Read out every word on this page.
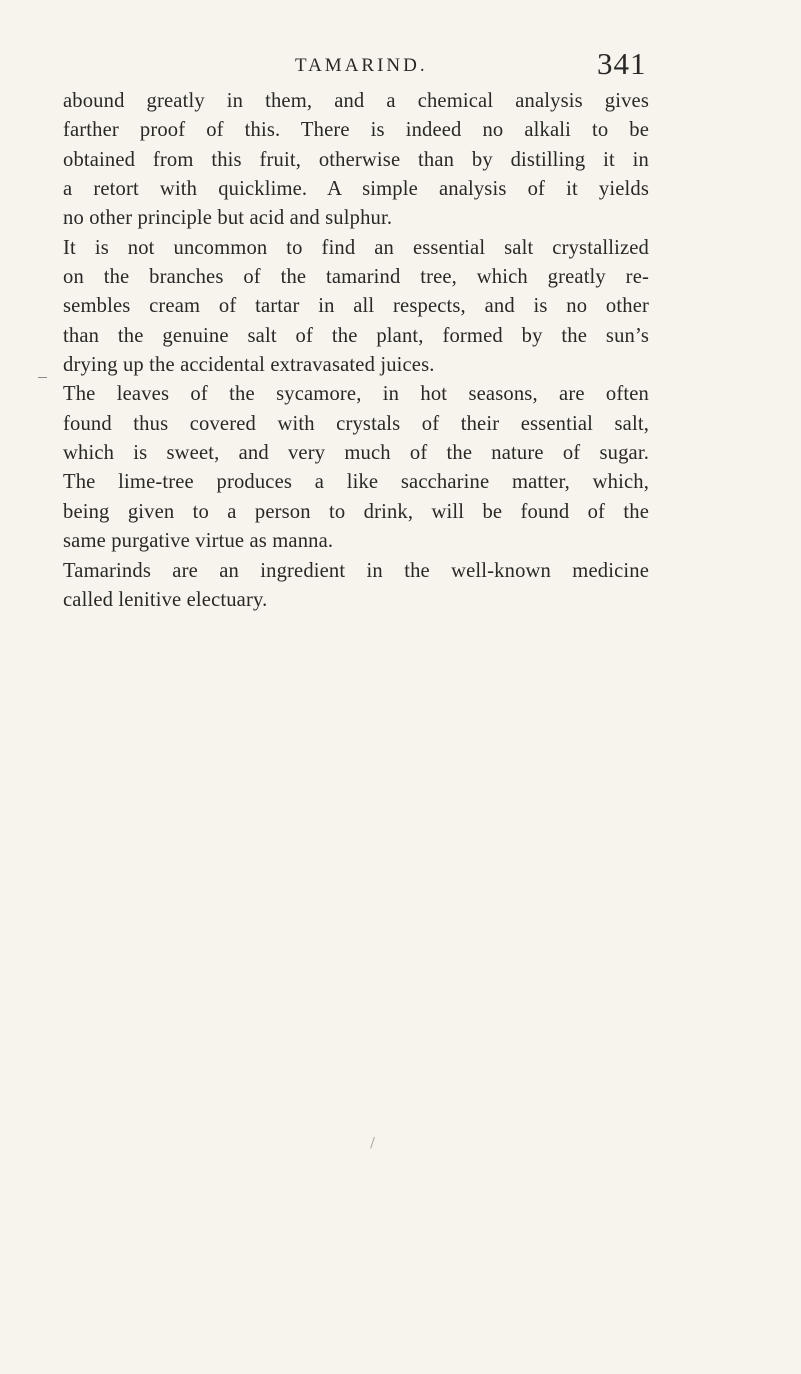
TAMARIND.	341
abound greatly in them, and a chemical analysis gives
farther proof of this. There is indeed no alkali to be
obtained from this fruit, otherwise than by distilling it in
a retort with quicklime. A simple analysis of it yields
no other principle but acid and sulphur.
It is not uncommon to find an essential salt crystallized
on the branches of the tamarind tree, which greatly re-
sembles cream of tartar in all respects, and is no other
than the genuine salt of the plant, formed by the sun’s
drying up the accidental extravasated juices.
The leaves of the sycamore, in hot seasons, are often
found thus covered with crystals of their essential salt,
which is sweet, and very much of the nature of sugar.
The lime-tree produces a like saccharine matter, which,
being given to a person to drink, will be found of the
same purgative virtue as manna.
Tamarinds are an ingredient in the well-known medicine
called lenitive electuary.
